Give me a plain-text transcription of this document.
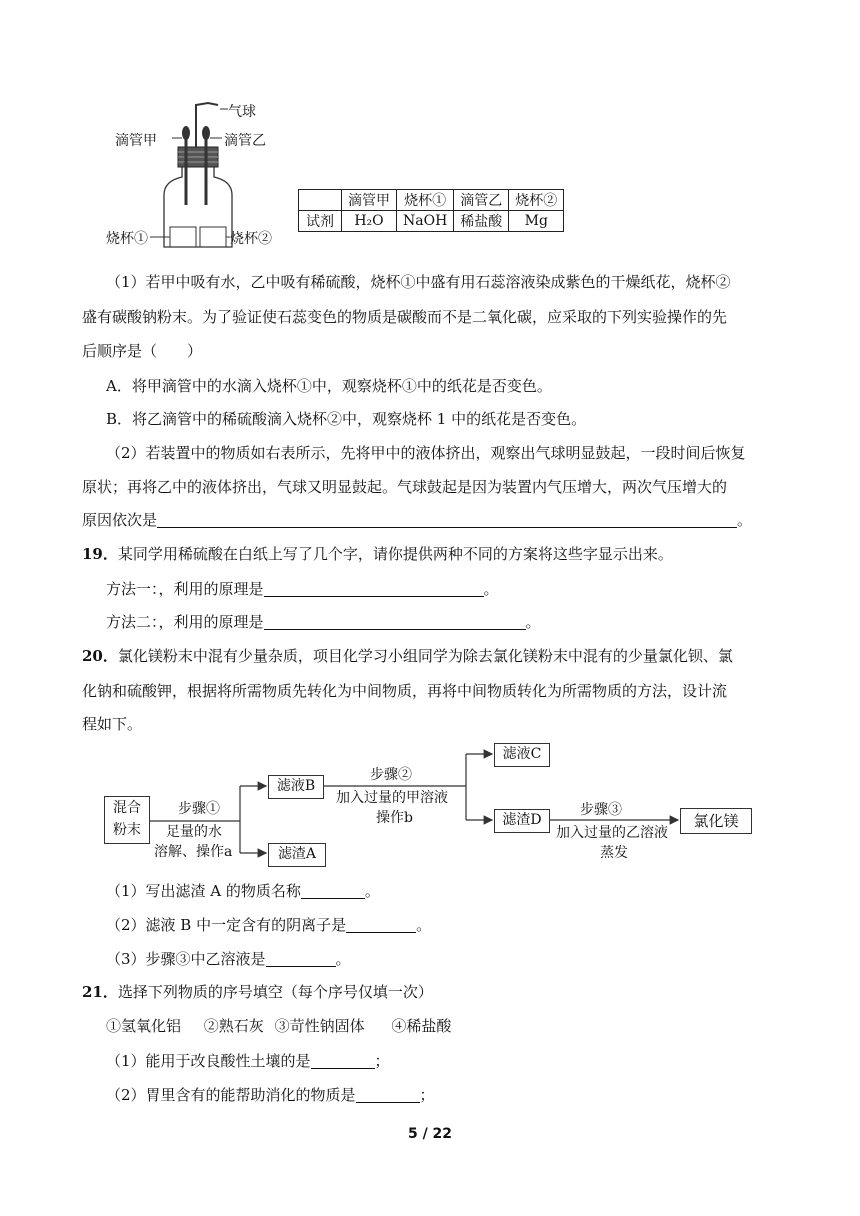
气球
滴管甲	滴管乙
烧杯①	烧杯②
	滴管甲	烧杯①	滴管乙	烧杯②
试剂	H₂O	NaOH	稀盐酸	Mg
（1）若甲中吸有水，乙中吸有稀硫酸，烧杯①中盛有用石蕊溶液染成紫色的干燥纸花，烧杯②
盛有碳酸钠粉末。为了验证使石蕊变色的物质是碳酸而不是二氧化碳，应采取的下列实验操作的先
后顺序是（　　）
A．将甲滴管中的水滴入烧杯①中，观察烧杯①中的纸花是否变色。
B．将乙滴管中的稀硫酸滴入烧杯②中，观察烧杯 1 中的纸花是否变色。
（2）若装置中的物质如右表所示，先将甲中的液体挤出，观察出气球明显鼓起，一段时间后恢复
原状；再将乙中的液体挤出，气球又明显鼓起。气球鼓起是因为装置内气压增大，两次气压增大的
原因依次是	。
19．某同学用稀硫酸在白纸上写了几个字，请你提供两种不同的方案将这些字显示出来。
方法一：，利用的原理是	。
方法二：，利用的原理是	。
20．氯化镁粉末中混有少量杂质，项目化学习小组同学为除去氯化镁粉末中混有的少量氯化钡、氯
化钠和硫酸钾，根据将所需物质先转化为中间物质，再将中间物质转化为所需物质的方法，设计流
程如下。
混合
粉末
步骤①
足量的水
溶解、操作a
滤液B
滤渣A
步骤②
加入过量的甲溶液
操作b
滤液C
滤渣D
步骤③
加入过量的乙溶液
蒸发
氯化镁
（1）写出滤渣 A 的物质名称	。
（2）滤液 B 中一定含有的阴离子是	。
（3）步骤③中乙溶液是	。
21．选择下列物质的序号填空（每个序号仅填一次）
①氢氧化铝 ②熟石灰 ③苛性钠固体 ④稀盐酸
（1）能用于改良酸性土壤的是	；
（2）胃里含有的能帮助消化的物质是	；
5 / 22
